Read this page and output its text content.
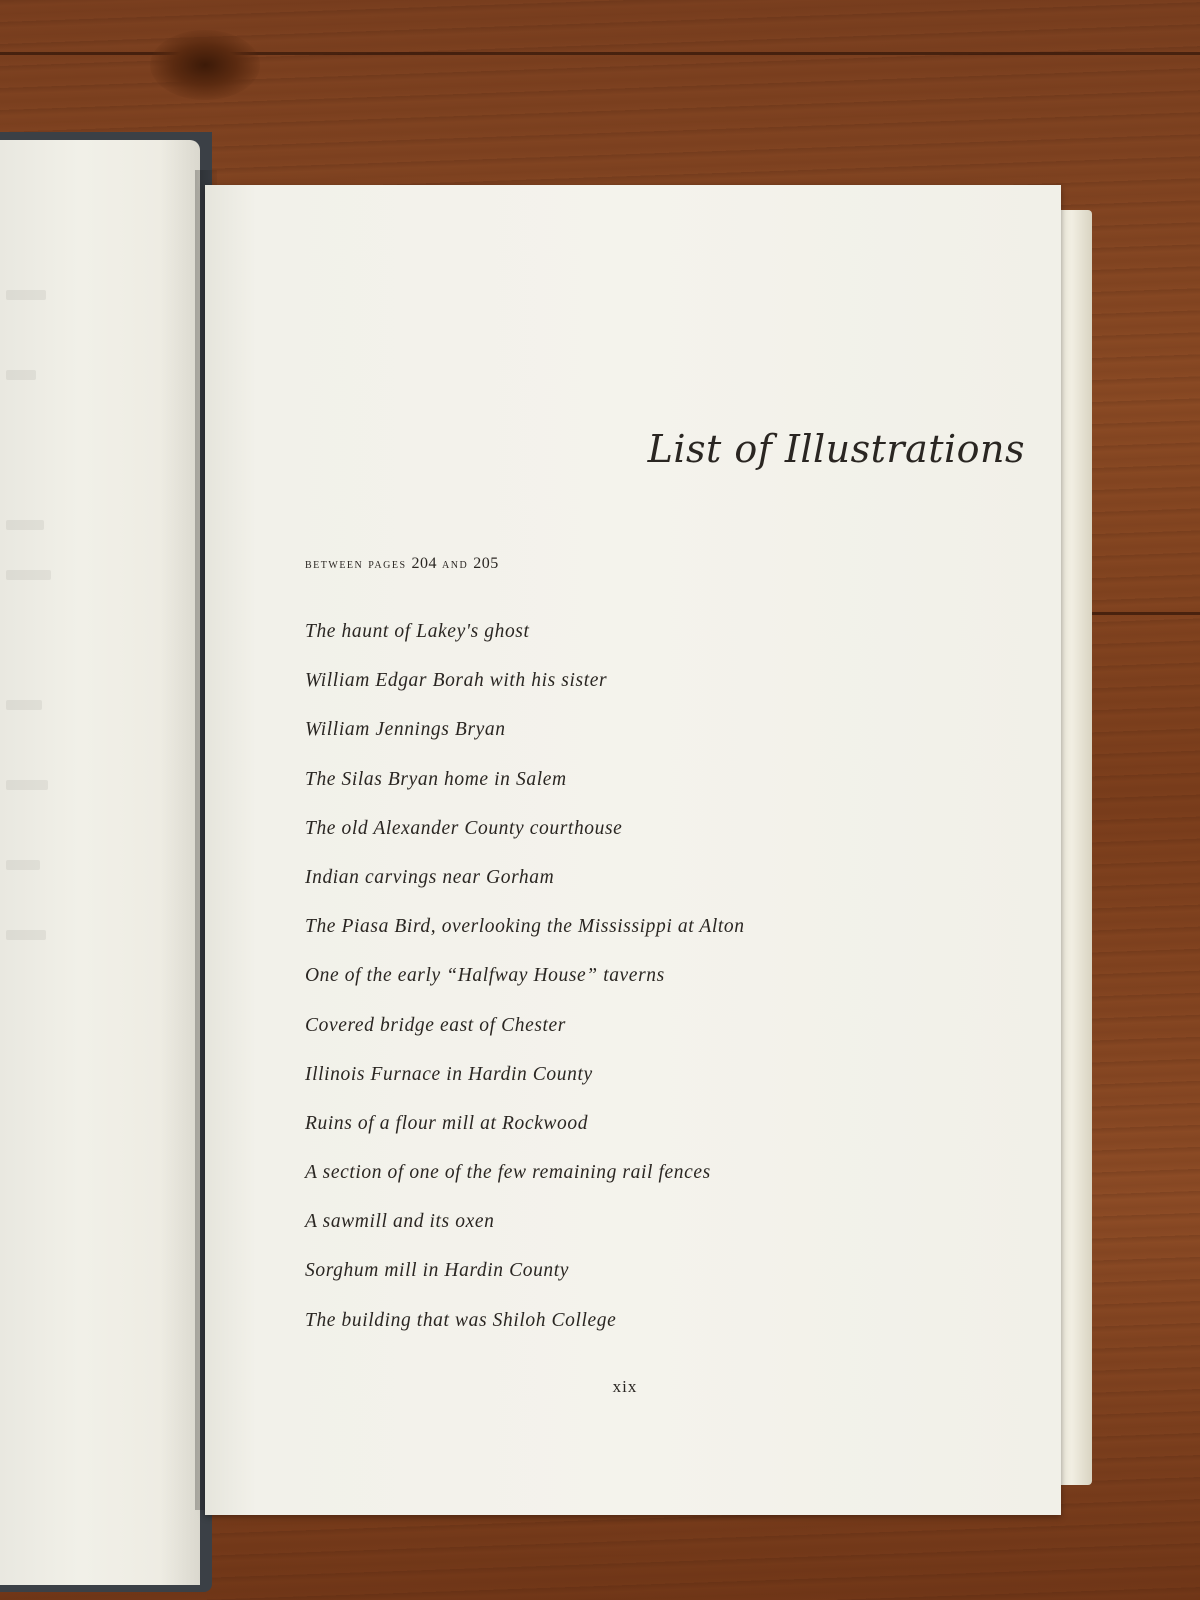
List of Illustrations
between pages 204 and 205
The haunt of Lakey's ghost
William Edgar Borah with his sister
William Jennings Bryan
The Silas Bryan home in Salem
The old Alexander County courthouse
Indian carvings near Gorham
The Piasa Bird, overlooking the Mississippi at Alton
One of the early “Halfway House” taverns
Covered bridge east of Chester
Illinois Furnace in Hardin County
Ruins of a flour mill at Rockwood
A section of one of the few remaining rail fences
A sawmill and its oxen
Sorghum mill in Hardin County
The building that was Shiloh College
xix
